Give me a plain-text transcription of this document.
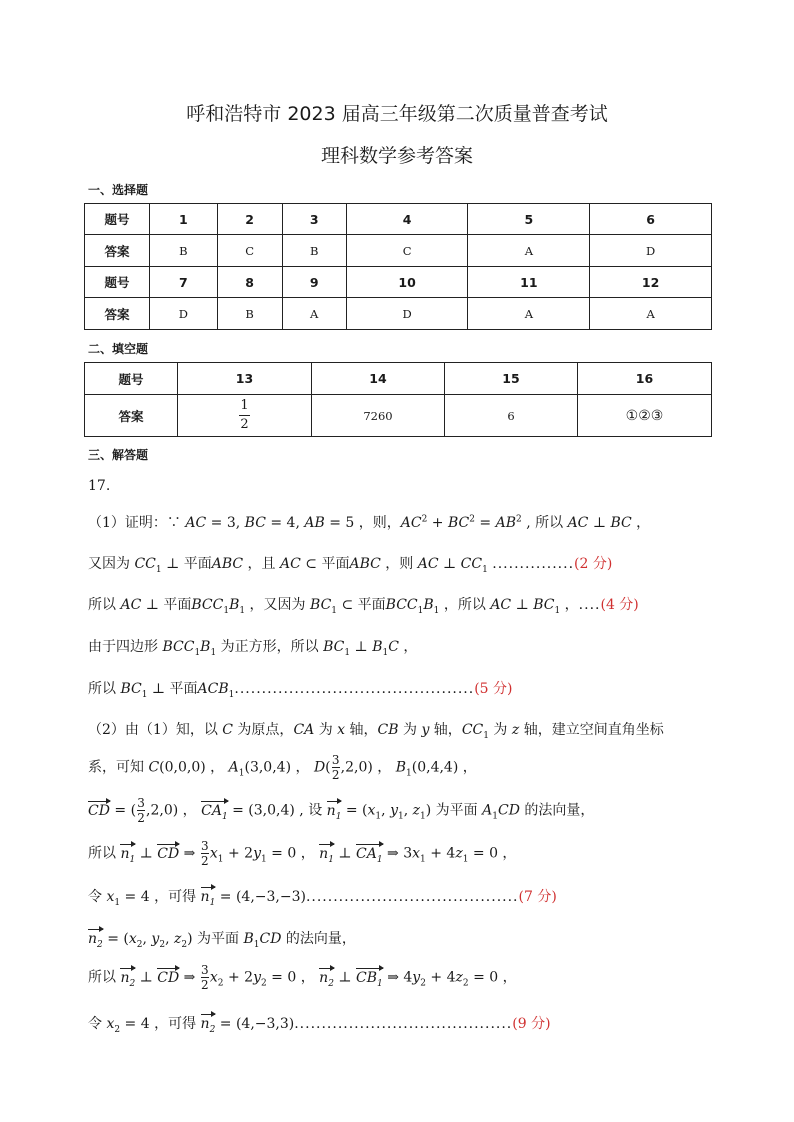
呼和浩特市 2023 届高三年级第二次质量普查考试
理科数学参考答案
一、选择题
题号	1	2	3	4	5	6
答案	B	C	B	C	A	D
题号	7	8	9	10	11	12
答案	D	B	A	D	A	A
二、填空题
题号	13	14	15	16
答案	$\frac{1}{2}$	7260	6	①②③
三、解答题
17.
（1）证明：∵ AC = 3, BC = 4, AB = 5 ，则，$AC^2 + BC^2 = AB^2$ , 所以 AC ⊥ BC ，
又因为 $CC_1$ ⊥ 平面ABC ，且 AC ⊂ 平面ABC ，则 AC ⊥ $CC_1$ ...............(2 分)
所以 AC ⊥ 平面$BCC_1B_1$ ，又因为 $BC_1$ ⊂ 平面$BCC_1B_1$ ，所以 AC ⊥ $BC_1$ ，....(4 分)
由于四边形 $BCC_1B_1$ 为正方形，所以 $BC_1$ ⊥ $B_1C$ ，
所以 $BC_1$ ⊥ 平面$ACB_1............................................(5$ 分)
（2）由（1）知，以 C 为原点，CA 为 x 轴，CB 为 y 轴，$CC_1$ 为 z 轴，建立空间直角坐标
系，可知 C(0,0,0) ， $A_1(3,0,4)$ ， $D( \frac{3}{2} ,2,0)$ ， $B_1(0,4,4)$ ，
CD = ( $\frac{3}{2} ,2,0$) ， $CA_1 = (3,0,4)$ , 设 $n_1 = (x_1$, $y_1$, $z_1$) 为平面 $A_1CD$ 的法向量，
所以 $n_1$ ⊥ CD ⇒ $\frac{3}{2} x_1 + 2y_1 = 0$ ， $n_1$ ⊥ $CA_1$ ⇒ $3x_1 + 4z_1 = 0$ ，
令 $x_1 = 4$ ，可得 $n_1 = (4,-3,-3).......................................(7$ 分)
$n_2 = (x_2$, $y_2$, $z_2$) 为平面 $B_1CD$ 的法向量，
所以 $n_2$ ⊥ CD ⇒ $\frac{3}{2} x_2 + 2y_2 = 0$ ， $n_2$ ⊥ $CB_1$ ⇒ $4y_2 + 4z_2 = 0$ ，
令 $x_2 = 4$ ，可得 $n_2 = (4,-3,3)........................................(9$ 分)
